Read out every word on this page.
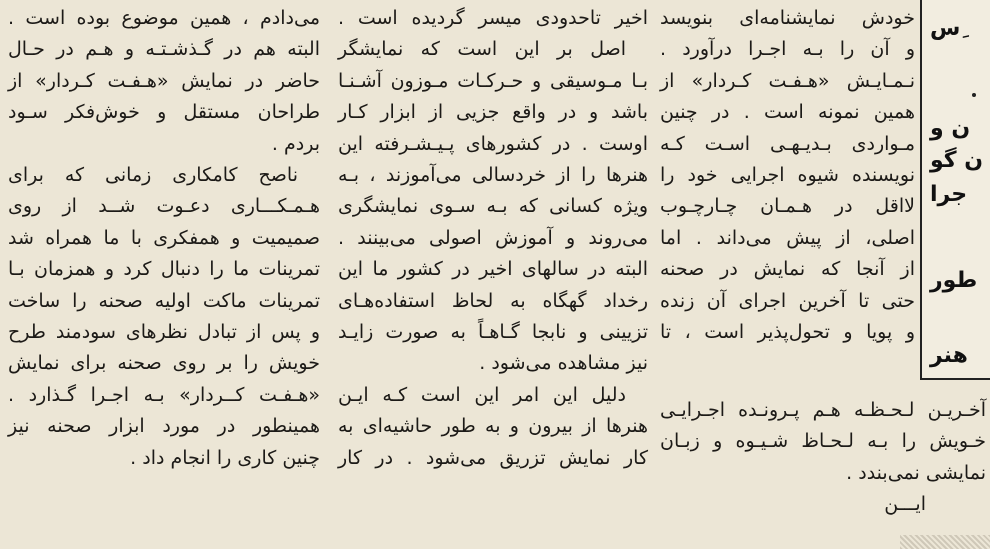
ِس
ن و
ن گو
جرا
طور
هنر
خودش نمایشنامه‌ای بنویسد
و آن را بـه اجـرا درآورد .
نـمـایـش «هـفـت کـردار» از
همین نمونه است . در چنین
مـواردی بـدیـهـی اسـت کـه
نویسنده شیوه اجرایی خود را
لااقل در هـمـان چـارچـوب
اصلی، از پیش می‌داند . اما
از آنجا که نمایش در صحنه
حتی تا آخرین اجرای آن زنده
و پویا و تحول‌پذیر است ، تا
آخـریـن لـحـظـه هـم پـرونـده اجـرایـی
خـویش را بـه لـحـاظ شـیـوه و زبـان
نمایشی نمی‌بندد .
ایـــن
اخیر تاحدودی میسر گردیده است .
اصل بر این است که نمایشگر
بـا مـوسیقی و حـرکـات مـوزون آشـنـا
باشد و در واقع جزیی از ابزار کـار
اوست . در کشورهای پـیـشـرفته این
هنرها را از خردسالی می‌آموزند ، بـه
ویژه کسانی که بـه سـوی نمایشگری
می‌روند و آموزش اصولی می‌بینند .
البته در سالهای اخیر در کشور ما این
رخداد گهگاه به لحاظ استفاده‌هـای
تزیینی و نابجا گـاهـاً به صورت زایـد
نیز مشاهده می‌شود .
دلیل این امر این است کـه ایـن
هنرها از بیرون و به طور حاشیه‌ای به
کار نمایش تزریق می‌شود . در کار
می‌دادم ، همین موضوع بوده است .
البته هم در گـذشـتـه و هـم در حـال
حاضر در نمایش «هـفـت کـردار» از
طراحان مستقل و خوش‌فکر سـود
بردم .
ناصح کامکاری زمانی که برای
هـمـکـــاری دعـوت شــد از روی
صمیمیت و همفکری با ما همراه شد
تمرینات ما را دنبال کرد و همزمان بـا
تمرینات ماکت اولیه صحنه را ساخت
و پس از تبادل نظرهای سودمند طرح
خویش را بر روی صحنه برای نمایش
«هـفـت کــردار» بـه اجـرا گـذارد .
همینطور در مورد ابزار صحنه نیز
چنین کاری را انجام داد .
